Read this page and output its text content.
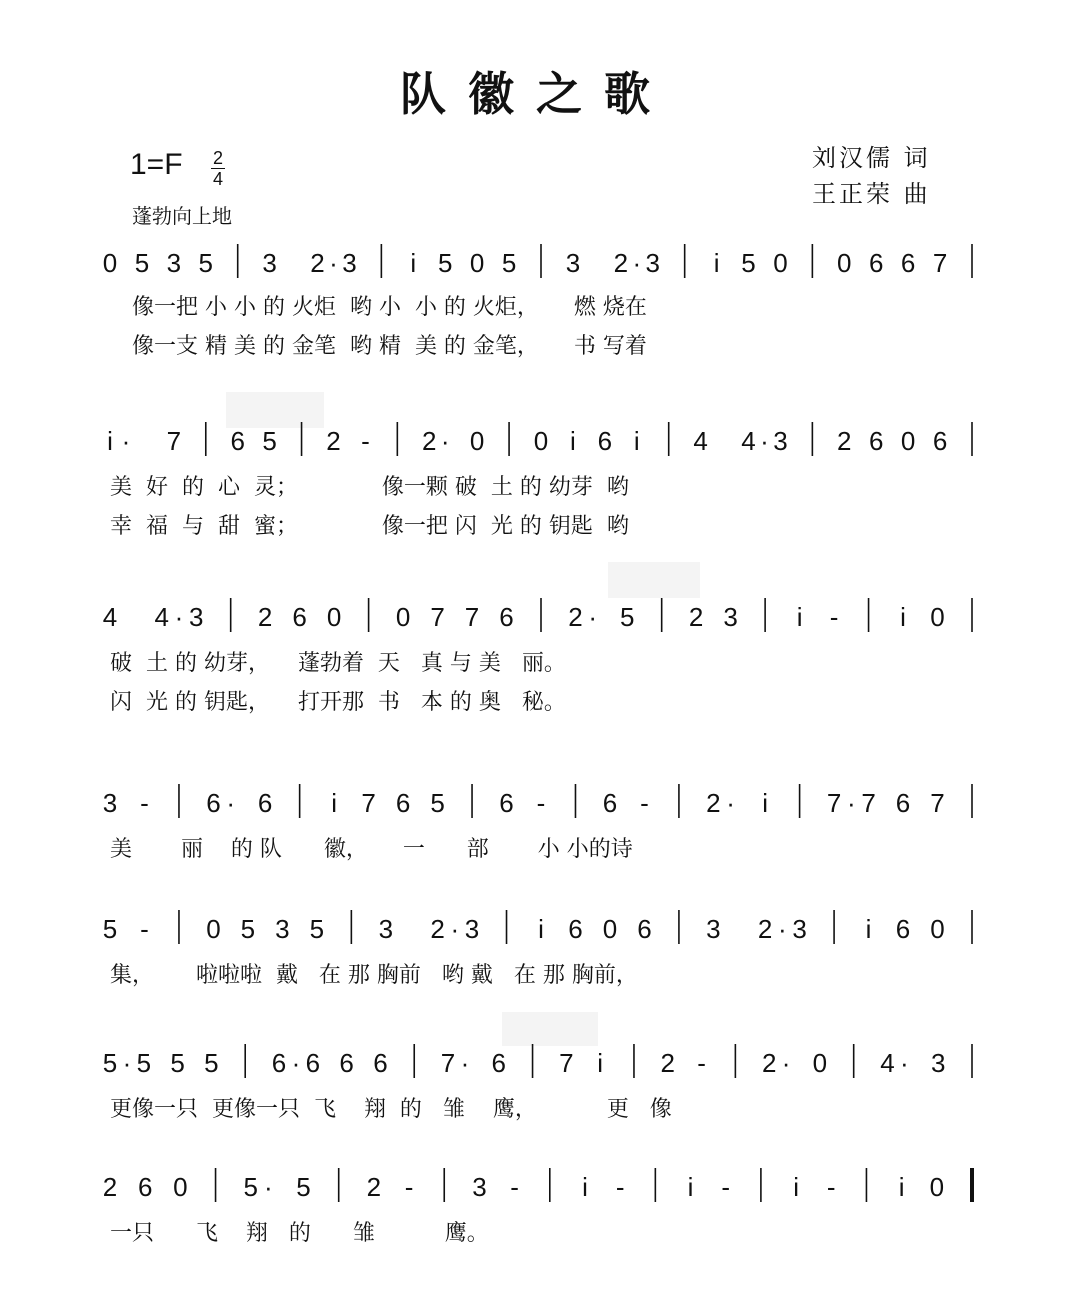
队徽之歌
刘汉儒 词
王正荣 曲
1=F 2
4
蓬勃向上地
0 5 3 5 3 2 · 3 i 5 0 5 3 2 · 3 i 5 0 0 6 6 7
像一把 小 小 的 火炬  哟 小  小 的 火炬，     燃 烧在
像一支 精 美 的 金笔  哟 精  美 的 金笔，     书 写着
i · 7 6 5 2 - 2 · 0 0 i 6 i 4 4 · 3 2 6 0 6
美  好  的  心  灵；            像一颗 破  土 的 幼芽  哟
幸  福  与  甜  蜜；            像一把 闪  光 的 钥匙  哟
4 4 · 3 2 6 0 0 7 7 6 2 · 5 2 3 i - i 0
破  土 的 幼芽，    蓬勃着  天   真 与 美   丽。
闪  光 的 钥匙，    打开那  书   本 的 奥   秘。
3 - 6 · 6 i 7 6 5 6 - 6 - 2 · i 7 · 7 6 7
美       丽    的 队      徽，     一      部       小 小的诗
5 - 0 5 3 5 3 2 · 3 i 6 0 6 3 2 · 3 i 6 0
集，      啦啦啦  戴   在 那 胸前   哟 戴   在 那 胸前，
5 · 5 5 5 6 · 6 6 6 7 · 6 7 i 2 - 2 · 0 4 · 3
更像一只  更像一只  飞    翔  的   雏    鹰，          更   像
2 6 0 5 · 5 2 - 3 - i - i - i - i 0
一只      飞    翔   的      雏          鹰。
